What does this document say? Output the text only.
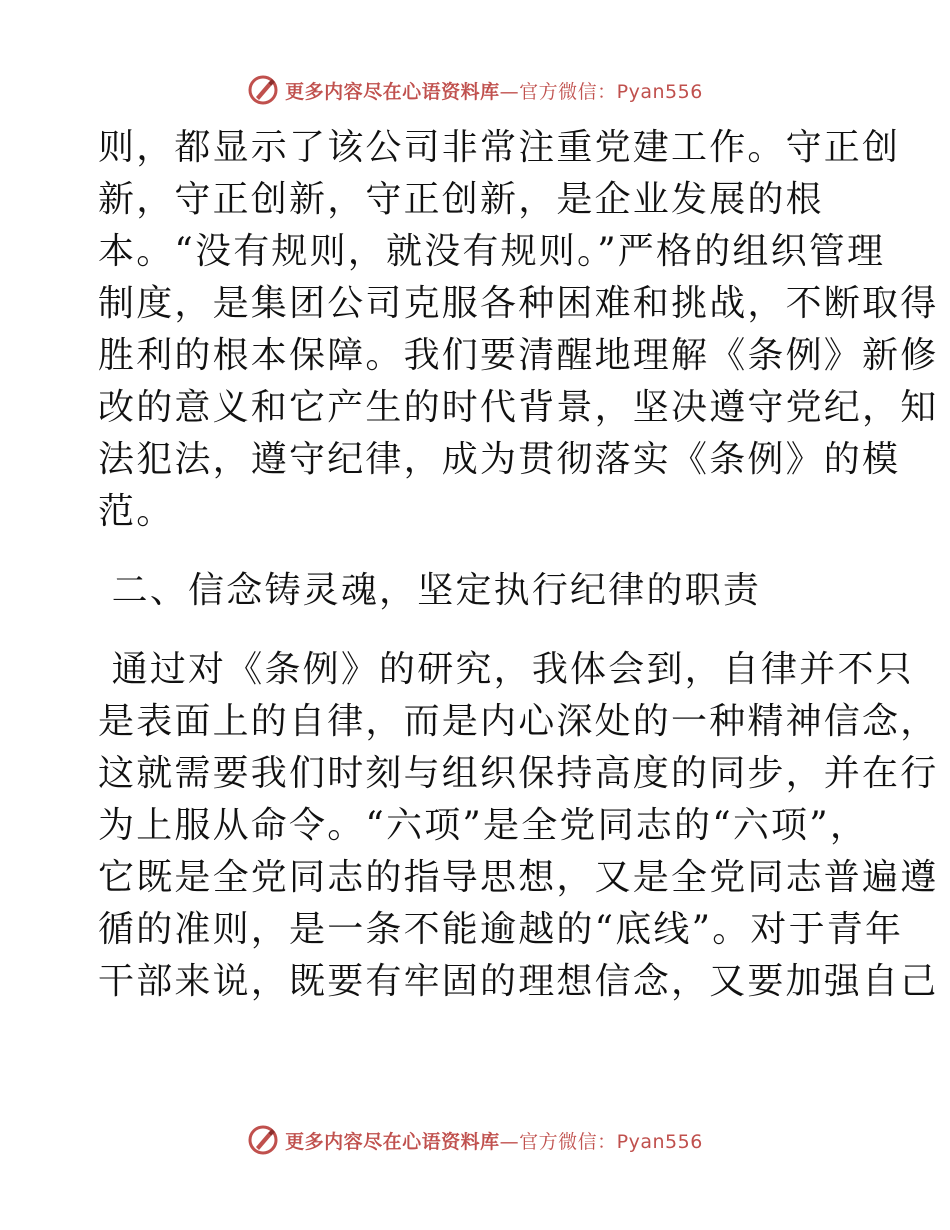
更多内容尽在心语资料库—官方微信：Pyan556
则，都显示了该公司非常注重党建工作。守正创
新，守正创新，守正创新，是企业发展的根
本。“没有规则，就没有规则。”严格的组织管理
制度，是集团公司克服各种困难和挑战，不断取得
胜利的根本保障。我们要清醒地理解《条例》新修
改的意义和它产生的时代背景，坚决遵守党纪，知
法犯法，遵守纪律，成为贯彻落实《条例》的模
范。
二、信念铸灵魂，坚定执行纪律的职责
通过对《条例》的研究，我体会到，自律并不只
是表面上的自律，而是内心深处的一种精神信念，
这就需要我们时刻与组织保持高度的同步，并在行
为上服从命令。“六项”是全党同志的“六项”，
它既是全党同志的指导思想，又是全党同志普遍遵
循的准则，是一条不能逾越的“底线”。对于青年
干部来说，既要有牢固的理想信念，又要加强自己
更多内容尽在心语资料库—官方微信：Pyan556
